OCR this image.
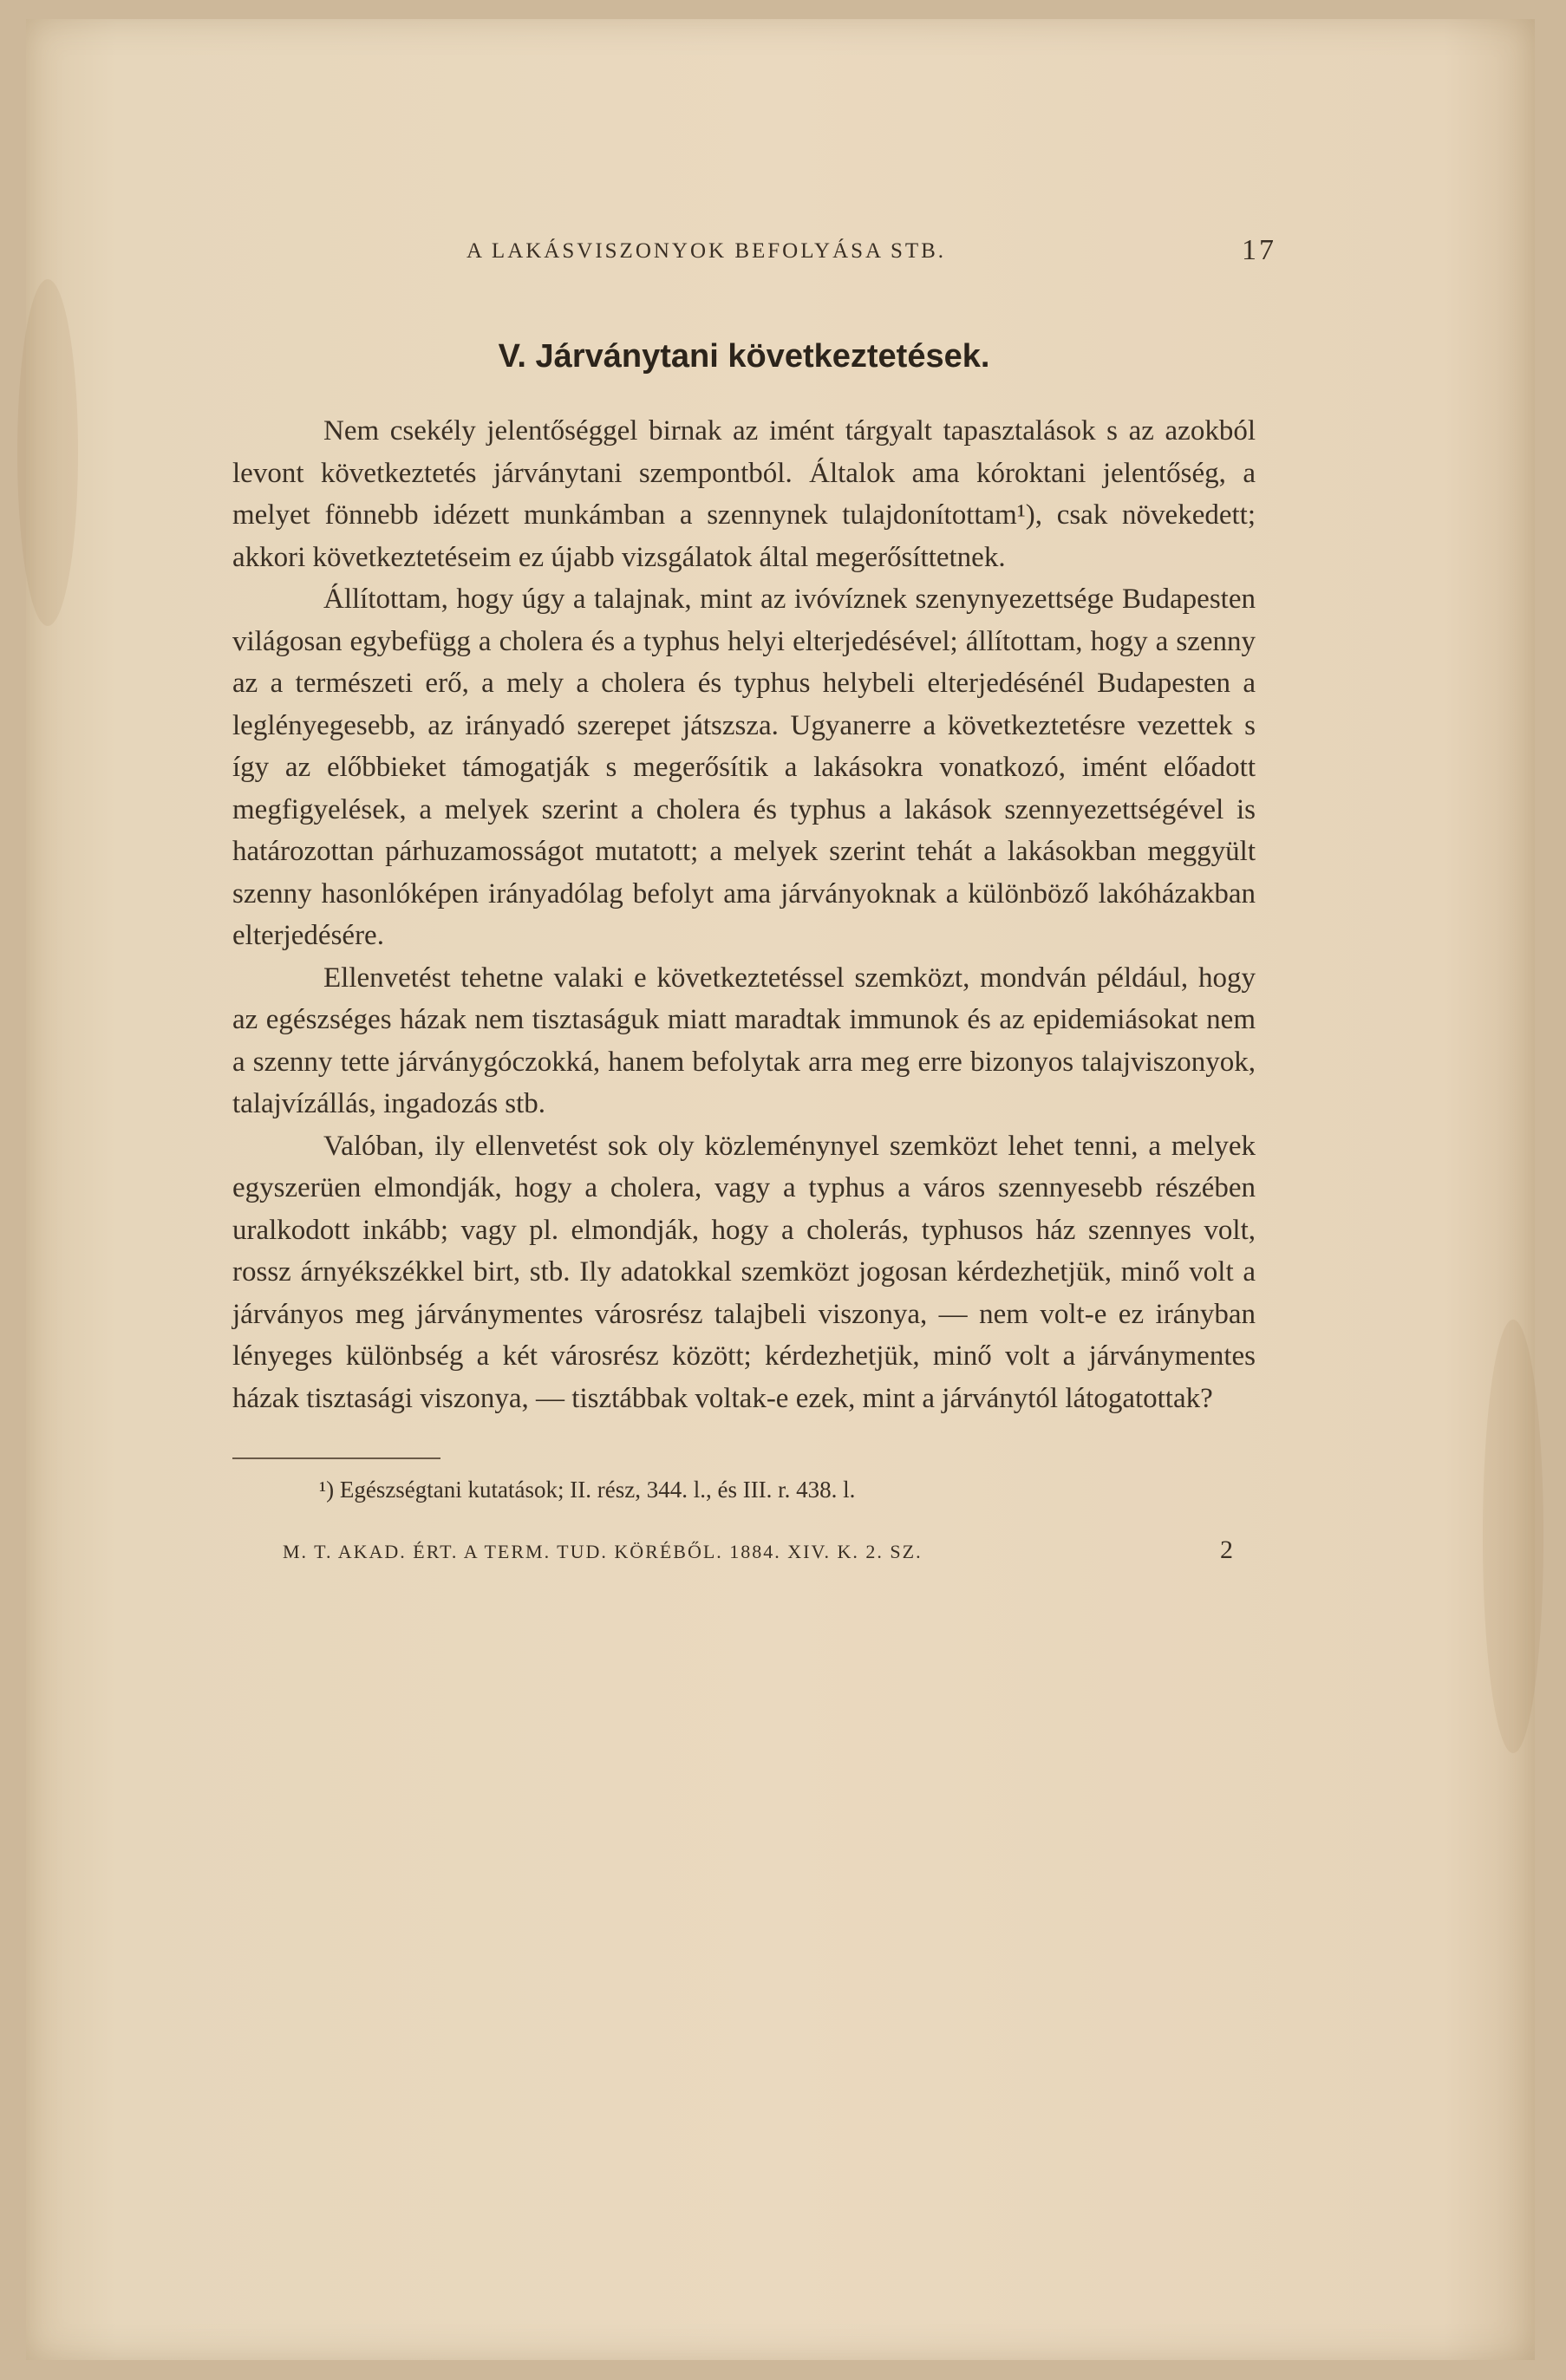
A LAKÁSVISZONYOK BEFOLYÁSA STB.	17
V. Járványtani következtetések.

Nem csekély jelentőséggel birnak az imént tárgyalt tapasztalások s az azokból levont következtetés járványtani szempontból. Általok ama kóroktani jelentőség, a melyet fönnebb idézett munkámban a szennynek tulajdonítottam¹), csak növekedett; akkori következtetéseim ez újabb vizsgálatok által megerősíttetnek.

Állítottam, hogy úgy a talajnak, mint az ivóvíznek szenynyezettsége Budapesten világosan egybefügg a cholera és a typhus helyi elterjedésével; állítottam, hogy a szenny az a természeti erő, a mely a cholera és typhus helybeli elterjedésénél Budapesten a leglényegesebb, az irányadó szerepet játszsza. Ugyanerre a következtetésre vezettek s így az előbbieket támogatják s megerősítik a lakásokra vonatkozó, imént előadott megfigyelések, a melyek szerint a cholera és typhus a lakások szennyezettségével is határozottan párhuzamosságot mutatott; a melyek szerint tehát a lakásokban meggyült szenny hasonlóképen irányadólag befolyt ama járványoknak a különböző lakóházakban elterjedésére.

Ellenvetést tehetne valaki e következtetéssel szemközt, mondván például, hogy az egészséges házak nem tisztaságuk miatt maradtak immunok és az epidemiásokat nem a szenny tette járványgóczokká, hanem befolytak arra meg erre bizonyos talajviszonyok, talajvízállás, ingadozás stb.

Valóban, ily ellenvetést sok oly közleménynyel szemközt lehet tenni, a melyek egyszerüen elmondják, hogy a cholera, vagy a typhus a város szennyesebb részében uralkodott inkább; vagy pl. elmondják, hogy a cholerás, typhusos ház szennyes volt, rossz árnyékszékkel birt, stb. Ily adatokkal szemközt jogosan kérdezhetjük, minő volt a járványos meg járványmentes városrész talajbeli viszonya, — nem volt-e ez irányban lényeges különbség a két városrész között; kérdezhetjük, minő volt a járványmentes házak tisztasági viszonya, — tisztábbak voltak-e ezek, mint a járványtól látogatottak?

¹) Egészségtani kutatások; II. rész, 344. l., és III. r. 438. l.

M. T. AKAD. ÉRT. A TERM. TUD. KÖRÉBŐL. 1884. XIV. K. 2. SZ.	2
